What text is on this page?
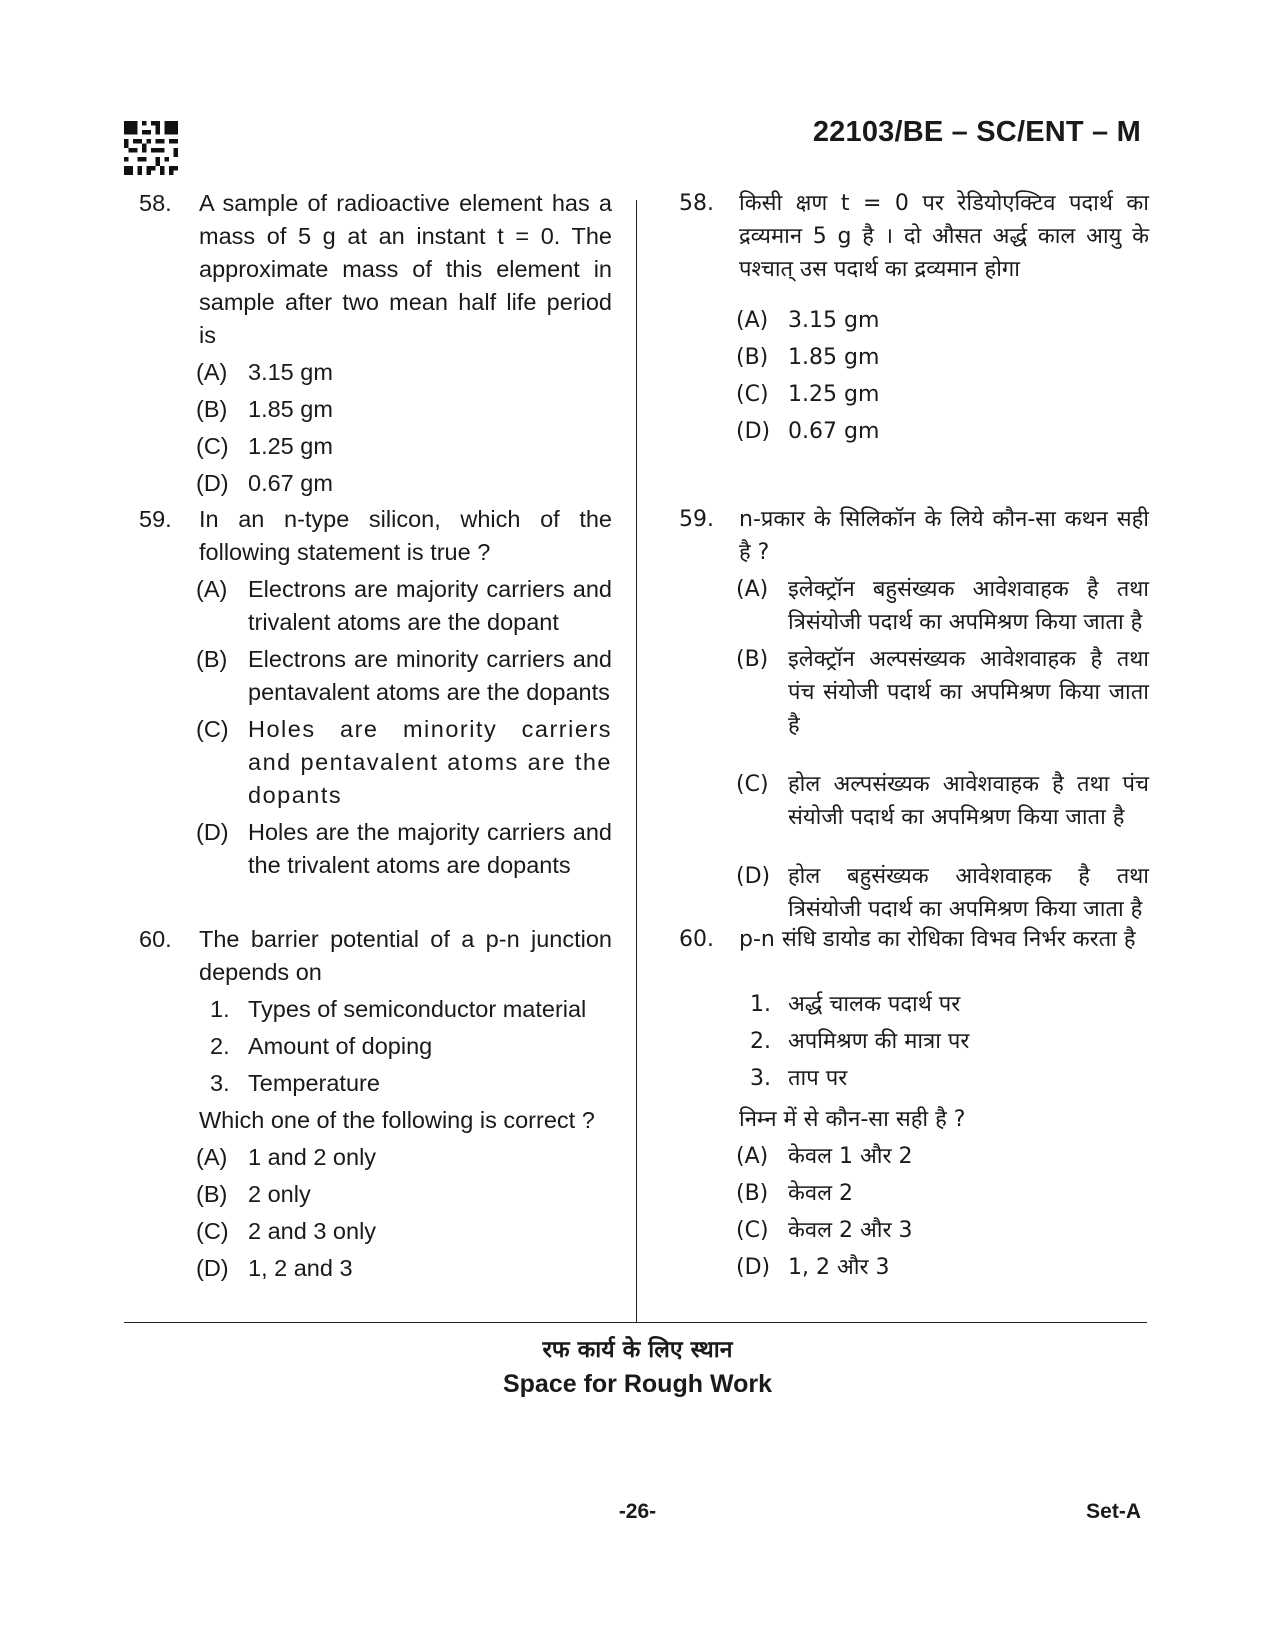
22103/BE – SC/ENT – M
58. A sample of radioactive element has a mass of 5 g at an instant t = 0. The approximate mass of this element in sample after two mean half life period is
(A) 3.15 gm
(B) 1.85 gm
(C) 1.25 gm
(D) 0.67 gm
59. In an n-type silicon, which of the following statement is true ?
(A) Electrons are majority carriers and trivalent atoms are the dopant
(B) Electrons are minority carriers and pentavalent atoms are the dopants
(C) Holes are minority carriers and pentavalent atoms are the dopants
(D) Holes are the majority carriers and the trivalent atoms are dopants
60. The barrier potential of a p-n junction depends on
1. Types of semiconductor material
2. Amount of doping
3. Temperature
Which one of the following is correct ?
(A) 1 and 2 only
(B) 2 only
(C) 2 and 3 only
(D) 1, 2 and 3
58. किसी क्षण t = 0 पर रेडियोएक्टिव पदार्थ का द्रव्यमान 5 g है । दो औसत अर्द्ध काल आयु के पश्चात् उस पदार्थ का द्रव्यमान होगा
(A) 3.15 gm
(B) 1.85 gm
(C) 1.25 gm
(D) 0.67 gm
59. n-प्रकार के सिलिकॉन के लिये कौन-सा कथन सही है ?
(A) इलेक्ट्रॉन बहुसंख्यक आवेशवाहक है तथा त्रिसंयोजी पदार्थ का अपमिश्रण किया जाता है
(B) इलेक्ट्रॉन अल्पसंख्यक आवेशवाहक है तथा पंच संयोजी पदार्थ का अपमिश्रण किया जाता है
(C) होल अल्पसंख्यक आवेशवाहक है तथा पंच संयोजी पदार्थ का अपमिश्रण किया जाता है
(D) होल बहुसंख्यक आवेशवाहक है तथा त्रिसंयोजी पदार्थ का अपमिश्रण किया जाता है
60. p-n संधि डायोड का रोधिका विभव निर्भर करता है
1. अर्द्ध चालक पदार्थ पर
2. अपमिश्रण की मात्रा पर
3. ताप पर
निम्न में से कौन-सा सही है ?
(A) केवल 1 और 2
(B) केवल 2
(C) केवल 2 और 3
(D) 1, 2 और 3
रफ कार्य के लिए स्थान
Space for Rough Work
-26-	Set-A
